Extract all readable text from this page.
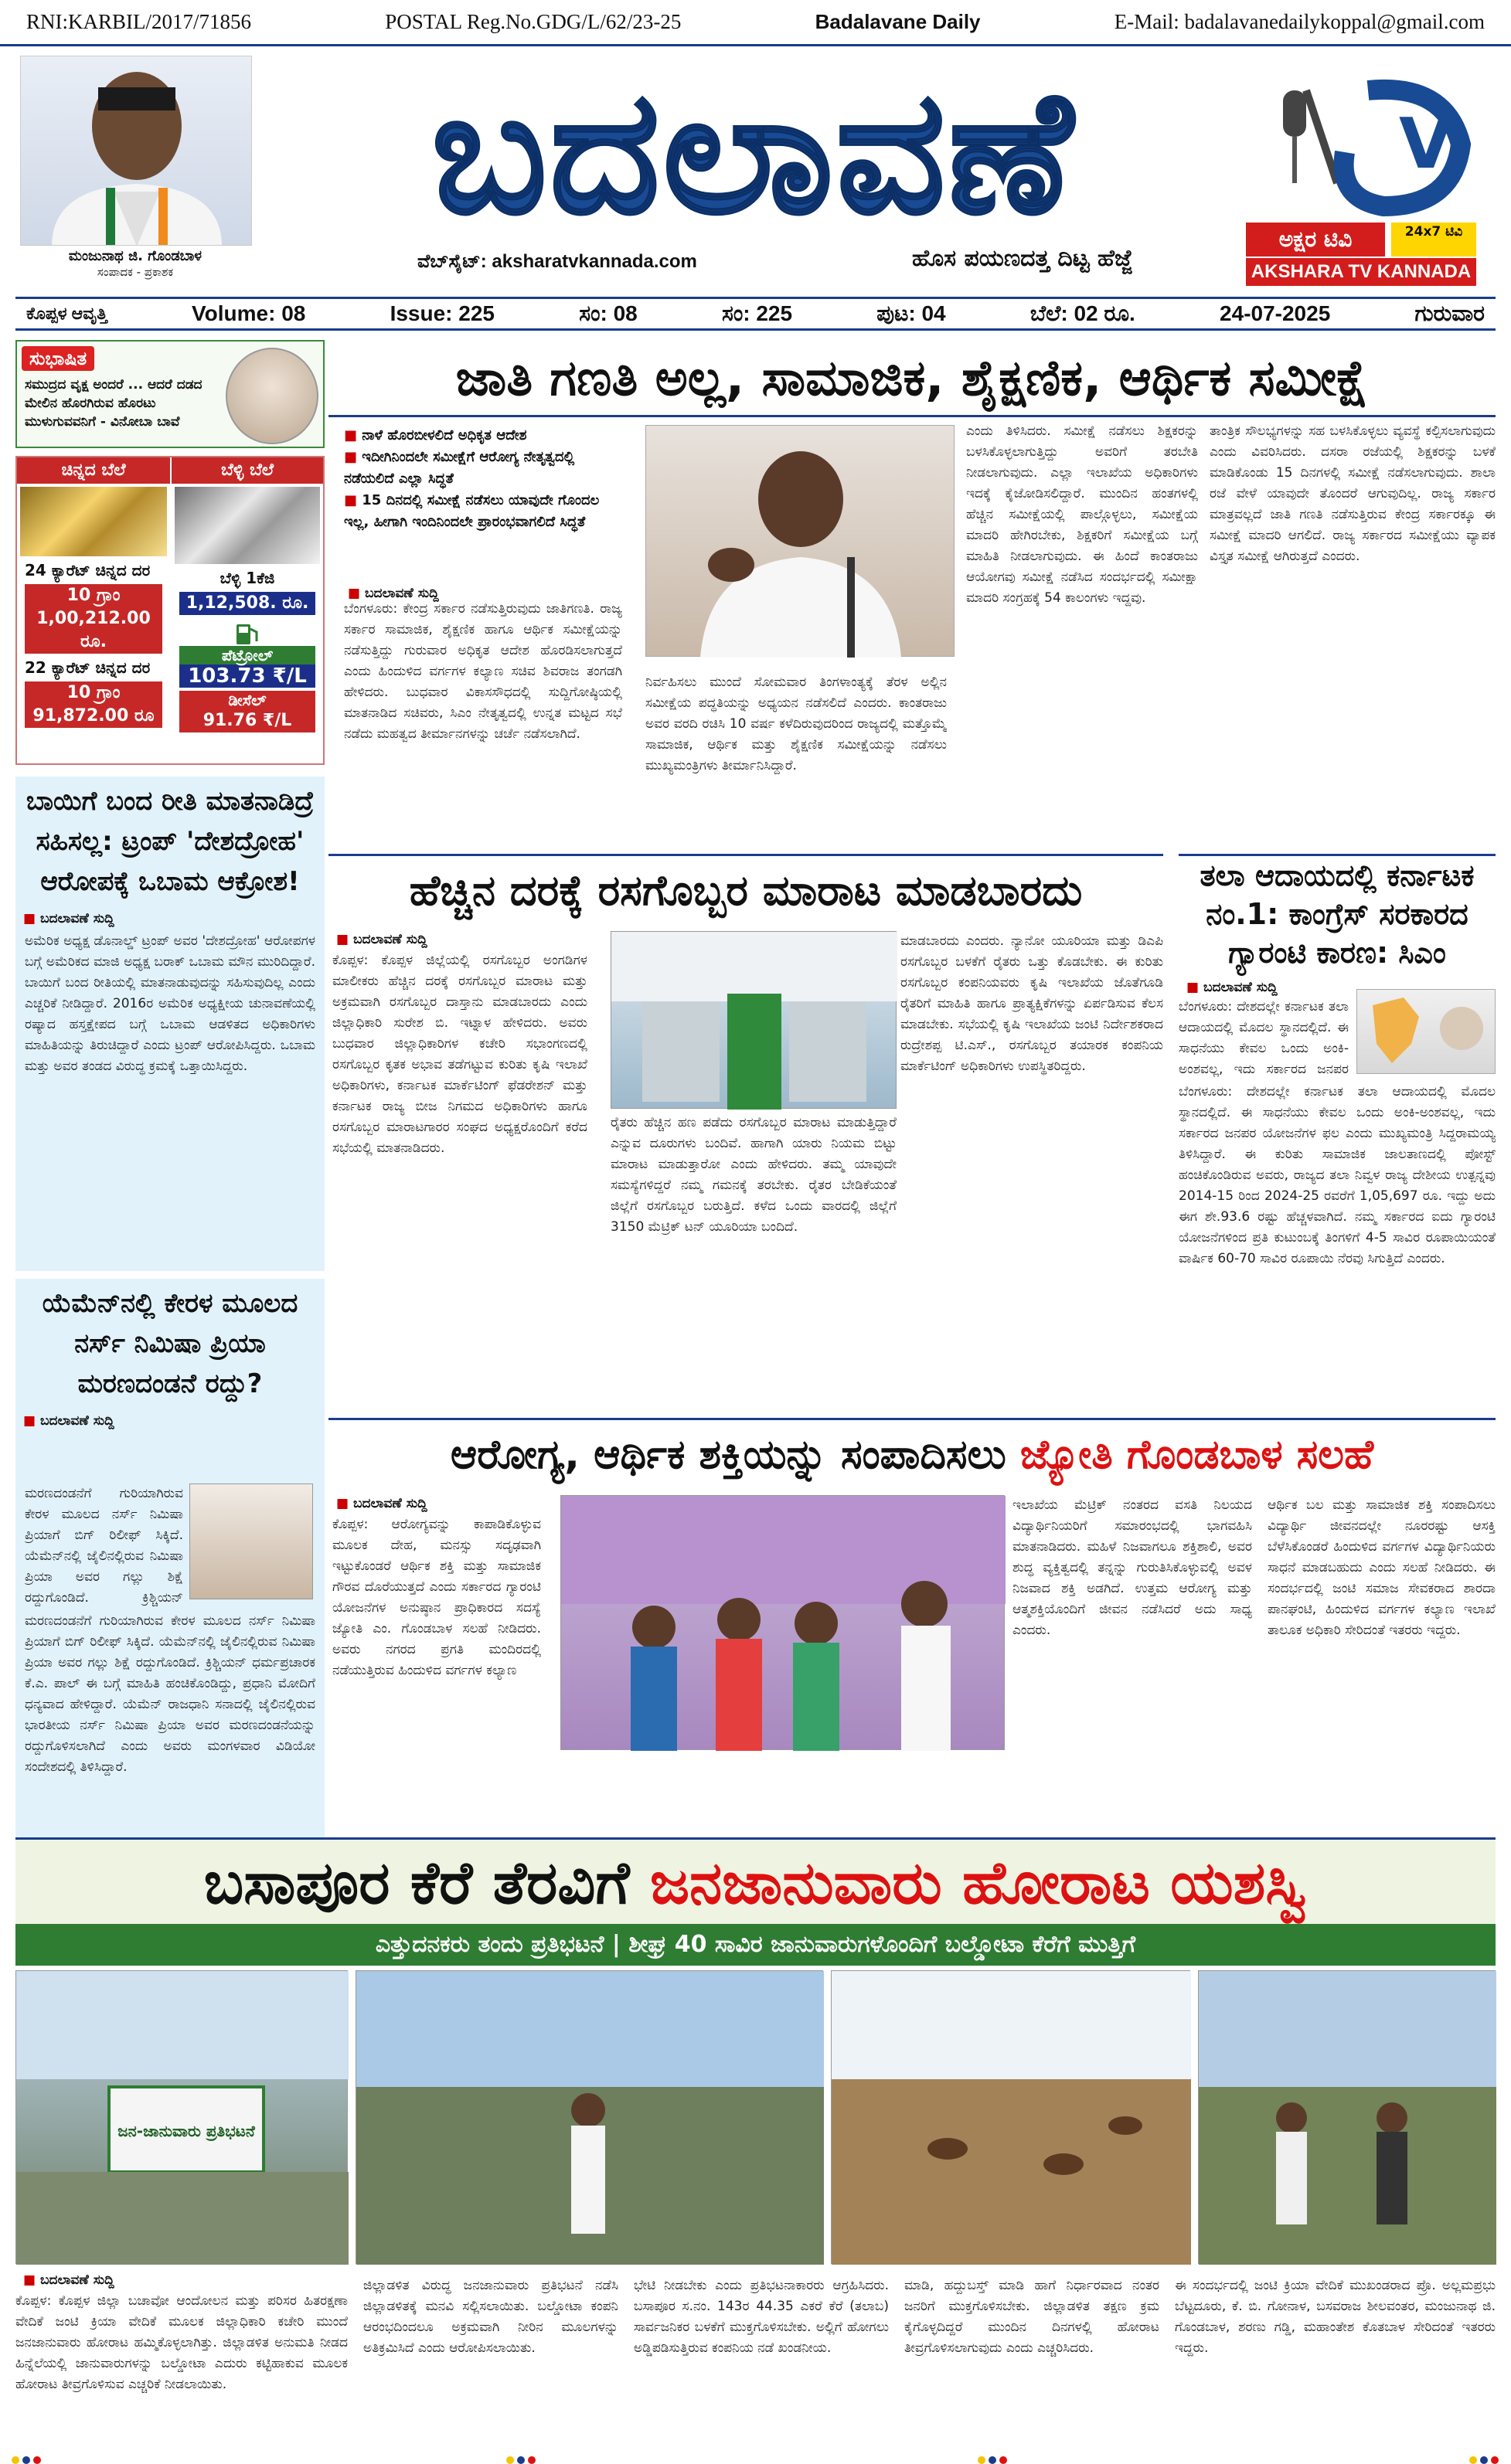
RNI:KARBIL/2017/71856	POSTAL Reg.No.GDG/L/62/23-25	Badalavane Daily	E-Mail: badalavanedailykoppal@gmail.com
ಮಂಜುನಾಥ ಜಿ. ಗೊಂಡಬಾಳ
ಸಂಪಾದಕ - ಪ್ರಕಾಶಕ
ಬದಲಾವಣೆ
ವೆಬ್‌ಸೈಟ್: aksharatvkannada.com	ಹೊಸ ಪಯಣದತ್ತ ದಿಟ್ಟ ಹೆಜ್ಜೆ
V
ಅಕ್ಷರ ಟಿವಿ	24x7 ಟಿವಿ
AKSHARA TV KANNADA
ಕೊಪ್ಪಳ ಆವೃತ್ತಿ	Volume: 08	Issue: 225	ಸಂ: 08	ಸಂ: 225	ಪುಟ: 04	ಬೆಲೆ: 02 ರೂ.	24-07-2025	ಗುರುವಾರ
ಸುಭಾಷಿತ
ಸಮುದ್ರದ ವೃಕ್ಷ ಅಂದರೆ ... ಆದರೆ ದಡದ ಮೇಲಿನ ಹೊರಗಿರುವ ಹೊರಟು ಮುಳುಗುವವನಿಗೆ - ವಿನೋಬಾ ಬಾವೆ
ಚಿನ್ನದ ಬೆಲೆ
24 ಕ್ಯಾರೆಟ್ ಚಿನ್ನದ ದರ
10 ಗ್ರಾಂ
1,00,212.00 ರೂ.
22 ಕ್ಯಾರೆಟ್ ಚಿನ್ನದ ದರ
10 ಗ್ರಾಂ
91,872.00 ರೂ
ಬೆಳ್ಳಿ ಬೆಲೆ
ಬೆಳ್ಳಿ 1ಕೆಜಿ
1,12,508. ರೂ.
ಪೆಟ್ರೋಲ್
103.73 ₹/L
ಡೀಸೆಲ್
91.76 ₹/L
ಬಾಯಿಗೆ ಬಂದ ರೀತಿ ಮಾತನಾಡಿದ್ರೆ ಸಹಿಸಲ್ಲ: ಟ್ರಂಪ್ 'ದೇಶದ್ರೋಹ' ಆರೋಪಕ್ಕೆ ಒಬಾಮ ಆಕ್ರೋಶ!
■ ಬದಲಾವಣೆ ಸುದ್ದಿ
ಅಮೆರಿಕ ಅಧ್ಯಕ್ಷ ಡೊನಾಲ್ಡ್ ಟ್ರಂಪ್ ಅವರ 'ದೇಶದ್ರೋಹ' ಆರೋಪಗಳ ಬಗ್ಗೆ ಅಮೆರಿಕದ ಮಾಜಿ ಅಧ್ಯಕ್ಷ ಬರಾಕ್ ಒಬಾಮ ಮೌನ ಮುರಿದಿದ್ದಾರೆ. ಬಾಯಿಗೆ ಬಂದ ರೀತಿಯಲ್ಲಿ ಮಾತನಾಡುವುದನ್ನು ಸಹಿಸುವುದಿಲ್ಲ ಎಂದು ಎಚ್ಚರಿಕೆ ನೀಡಿದ್ದಾರೆ. 2016ರ ಅಮೆರಿಕ ಅಧ್ಯಕ್ಷೀಯ ಚುನಾವಣೆಯಲ್ಲಿ ರಷ್ಯಾದ ಹಸ್ತಕ್ಷೇಪದ ಬಗ್ಗೆ ಒಬಾಮ ಆಡಳಿತದ ಅಧಿಕಾರಿಗಳು ಮಾಹಿತಿಯನ್ನು ತಿರುಚಿದ್ದಾರೆ ಎಂದು ಟ್ರಂಪ್ ಆರೋಪಿಸಿದ್ದರು. ಒಬಾಮ ಮತ್ತು ಅವರ ತಂಡದ ವಿರುದ್ಧ ಕ್ರಮಕ್ಕೆ ಒತ್ತಾಯಿಸಿದ್ದರು.
ಯೆಮೆನ್‌ನಲ್ಲಿ ಕೇರಳ ಮೂಲದ ನರ್ಸ್ ನಿಮಿಷಾ ಪ್ರಿಯಾ ಮರಣದಂಡನೆ ರದ್ದು?
■ ಬದಲಾವಣೆ ಸುದ್ದಿ
ಮರಣದಂಡನೆಗೆ ಗುರಿಯಾಗಿರುವ ಕೇರಳ ಮೂಲದ ನರ್ಸ್ ನಿಮಿಷಾ ಪ್ರಿಯಾಗೆ ಬಿಗ್ ರಿಲೀಫ್ ಸಿಕ್ಕಿದೆ. ಯೆಮೆನ್‌ನಲ್ಲಿ ಜೈಲಿನಲ್ಲಿರುವ ನಿಮಿಷಾ ಪ್ರಿಯಾ ಅವರ ಗಲ್ಲು ಶಿಕ್ಷೆ ರದ್ದುಗೊಂಡಿದೆ. ಕ್ರಿಶ್ಚಿಯನ್
ಮರಣದಂಡನೆಗೆ ಗುರಿಯಾಗಿರುವ ಕೇರಳ ಮೂಲದ ನರ್ಸ್ ನಿಮಿಷಾ ಪ್ರಿಯಾಗೆ ಬಿಗ್ ರಿಲೀಫ್ ಸಿಕ್ಕಿದೆ. ಯೆಮೆನ್‌ನಲ್ಲಿ ಜೈಲಿನಲ್ಲಿರುವ ನಿಮಿಷಾ ಪ್ರಿಯಾ ಅವರ ಗಲ್ಲು ಶಿಕ್ಷೆ ರದ್ದುಗೊಂಡಿದೆ. ಕ್ರಿಶ್ಚಿಯನ್ ಧರ್ಮಪ್ರಚಾರಕ ಕೆ.ಎ. ಪಾಲ್ ಈ ಬಗ್ಗೆ ಮಾಹಿತಿ ಹಂಚಿಕೊಂಡಿದ್ದು, ಪ್ರಧಾನಿ ಮೋದಿಗೆ ಧನ್ಯವಾದ ಹೇಳಿದ್ದಾರೆ. ಯೆಮೆನ್ ರಾಜಧಾನಿ ಸನಾದಲ್ಲಿ ಜೈಲಿನಲ್ಲಿರುವ ಭಾರತೀಯ ನರ್ಸ್ ನಿಮಿಷಾ ಪ್ರಿಯಾ ಅವರ ಮರಣದಂಡನೆಯನ್ನು ರದ್ದುಗೊಳಿಸಲಾಗಿದೆ ಎಂದು ಅವರು ಮಂಗಳವಾರ ವಿಡಿಯೋ ಸಂದೇಶದಲ್ಲಿ ತಿಳಿಸಿದ್ದಾರೆ.
ಜಾತಿ ಗಣತಿ ಅಲ್ಲ, ಸಾಮಾಜಿಕ, ಶೈಕ್ಷಣಿಕ, ಆರ್ಥಿಕ ಸಮೀಕ್ಷೆ
■ ನಾಳೆ ಹೊರಬೀಳಲಿದೆ ಅಧಿಕೃತ ಆದೇಶ
■ ಇದೀಗಿನಿಂದಲೇ ಸಮೀಕ್ಷೆಗೆ ಆರೋಗ್ಯ ನೇತೃತ್ವದಲ್ಲಿ ನಡೆಯಲಿದೆ ಎಲ್ಲಾ ಸಿದ್ಧತೆ
■ 15 ದಿನದಲ್ಲಿ ಸಮೀಕ್ಷೆ ನಡೆಸಲು ಯಾವುದೇ ಗೊಂದಲ ಇಲ್ಲ, ಹೀಗಾಗಿ ಇಂದಿನಿಂದಲೇ ಪ್ರಾರಂಭವಾಗಲಿದೆ ಸಿದ್ಧತೆ
■ ಬದಲಾವಣೆ ಸುದ್ದಿ
ಬೆಂಗಳೂರು: ಕೇಂದ್ರ ಸರ್ಕಾರ ನಡೆಸುತ್ತಿರುವುದು ಜಾತಿಗಣತಿ. ರಾಜ್ಯ ಸರ್ಕಾರ ಸಾಮಾಜಿಕ, ಶೈಕ್ಷಣಿಕ ಹಾಗೂ ಆರ್ಥಿಕ ಸಮೀಕ್ಷೆಯನ್ನು ನಡೆಸುತ್ತಿದ್ದು ಗುರುವಾರ ಅಧಿಕೃತ ಆದೇಶ ಹೊರಡಿಸಲಾಗುತ್ತದೆ ಎಂದು ಹಿಂದುಳಿದ ವರ್ಗಗಳ ಕಲ್ಯಾಣ ಸಚಿವ ಶಿವರಾಜ ತಂಗಡಗಿ ಹೇಳಿದರು. ಬುಧವಾರ ವಿಕಾಸಸೌಧದಲ್ಲಿ ಸುದ್ದಿಗೋಷ್ಠಿಯಲ್ಲಿ ಮಾತನಾಡಿದ ಸಚಿವರು, ಸಿಎಂ ನೇತೃತ್ವದಲ್ಲಿ ಉನ್ನತ ಮಟ್ಟದ ಸಭೆ ನಡೆದು ಮಹತ್ವದ ತೀರ್ಮಾನಗಳನ್ನು ಚರ್ಚೆ ನಡೆಸಲಾಗಿದೆ.
ನಿರ್ವಹಿಸಲು ಮುಂದೆ ಸೋಮವಾರ ತಿಂಗಳಾಂತ್ಯಕ್ಕೆ ತೆರಳ ಅಲ್ಲಿನ ಸಮೀಕ್ಷೆಯ ಪದ್ಧತಿಯನ್ನು ಅಧ್ಯಯನ ನಡೆಸಲಿದೆ ಎಂದರು. ಕಾಂತರಾಜು ಅವರ ವರದಿ ರಚಿಸಿ 10 ವರ್ಷ ಕಳೆದಿರುವುದರಿಂದ ರಾಜ್ಯದಲ್ಲಿ ಮತ್ತೊಮ್ಮೆ ಸಾಮಾಜಿಕ, ಆರ್ಥಿಕ ಮತ್ತು ಶೈಕ್ಷಣಿಕ ಸಮೀಕ್ಷೆಯನ್ನು ನಡೆಸಲು ಮುಖ್ಯಮಂತ್ರಿಗಳು ತೀರ್ಮಾನಿಸಿದ್ದಾರೆ.
ಎಂದು ತಿಳಿಸಿದರು. ಸಮೀಕ್ಷೆ ನಡೆಸಲು ಶಿಕ್ಷಕರನ್ನು ಬಳಸಿಕೊಳ್ಳಲಾಗುತ್ತಿದ್ದು ಅವರಿಗೆ ತರಬೇತಿ ನೀಡಲಾಗುವುದು. ಎಲ್ಲಾ ಇಲಾಖೆಯ ಅಧಿಕಾರಿಗಳು ಇದಕ್ಕೆ ಕೈಜೋಡಿಸಲಿದ್ದಾರೆ. ಮುಂದಿನ ಹಂತಗಳಲ್ಲಿ ಹೆಚ್ಚಿನ ಸಮೀಕ್ಷೆಯಲ್ಲಿ ಪಾಲ್ಗೊಳ್ಳಲು, ಸಮೀಕ್ಷೆಯ ಮಾದರಿ ಹೇಗಿರಬೇಕು, ಶಿಕ್ಷಕರಿಗೆ ಸಮೀಕ್ಷೆಯ ಬಗ್ಗೆ ಮಾಹಿತಿ ನೀಡಲಾಗುವುದು. ಈ ಹಿಂದೆ ಕಾಂತರಾಜು ಆಯೋಗವು ಸಮೀಕ್ಷೆ ನಡೆಸಿದ ಸಂದರ್ಭದಲ್ಲಿ ಸಮೀಕ್ಷಾ ಮಾದರಿ ಸಂಗ್ರಹಕ್ಕೆ 54 ಕಾಲಂಗಳು ಇದ್ದವು.
ತಾಂತ್ರಿಕ ಸೌಲಭ್ಯಗಳನ್ನು ಸಹ ಬಳಸಿಕೊಳ್ಳಲು ವ್ಯವಸ್ಥೆ ಕಲ್ಪಿಸಲಾಗುವುದು ಎಂದು ವಿವರಿಸಿದರು. ದಸರಾ ರಜೆಯಲ್ಲಿ ಶಿಕ್ಷಕರನ್ನು ಬಳಕೆ ಮಾಡಿಕೊಂಡು 15 ದಿನಗಳಲ್ಲಿ ಸಮೀಕ್ಷೆ ನಡೆಸಲಾಗುವುದು. ಶಾಲಾ ರಜೆ ವೇಳೆ ಯಾವುದೇ ತೊಂದರೆ ಆಗುವುದಿಲ್ಲ. ರಾಜ್ಯ ಸರ್ಕಾರ ಮಾತ್ರವಲ್ಲದೆ ಜಾತಿ ಗಣತಿ ನಡೆಸುತ್ತಿರುವ ಕೇಂದ್ರ ಸರ್ಕಾರಕ್ಕೂ ಈ ಸಮೀಕ್ಷೆ ಮಾದರಿ ಆಗಲಿದೆ. ರಾಜ್ಯ ಸರ್ಕಾರದ ಸಮೀಕ್ಷೆಯು ವ್ಯಾಪಕ ವಿಸ್ತೃತ ಸಮೀಕ್ಷೆ ಆಗಿರುತ್ತದೆ ಎಂದರು.
ಹೆಚ್ಚಿನ ದರಕ್ಕೆ ರಸಗೊಬ್ಬರ ಮಾರಾಟ ಮಾಡಬಾರದು
■ ಬದಲಾವಣೆ ಸುದ್ದಿ
ಕೊಪ್ಪಳ: ಕೊಪ್ಪಳ ಜಿಲ್ಲೆಯಲ್ಲಿ ರಸಗೊಬ್ಬರ ಅಂಗಡಿಗಳ ಮಾಲೀಕರು ಹೆಚ್ಚಿನ ದರಕ್ಕೆ ರಸಗೊಬ್ಬರ ಮಾರಾಟ ಮತ್ತು ಅಕ್ರಮವಾಗಿ ರಸಗೊಬ್ಬರ ದಾಸ್ತಾನು ಮಾಡಬಾರದು ಎಂದು ಜಿಲ್ಲಾಧಿಕಾರಿ ಸುರೇಶ ಬಿ. ಇಟ್ನಾಳ ಹೇಳಿದರು. ಅವರು ಬುಧವಾರ ಜಿಲ್ಲಾಧಿಕಾರಿಗಳ ಕಚೇರಿ ಸಭಾಂಗಣದಲ್ಲಿ ರಸಗೊಬ್ಬರ ಕೃತಕ ಅಭಾವ ತಡೆಗಟ್ಟುವ ಕುರಿತು ಕೃಷಿ ಇಲಾಖೆ ಅಧಿಕಾರಿಗಳು, ಕರ್ನಾಟಕ ಮಾರ್ಕೆಟಿಂಗ್ ಫೆಡರೇಶನ್ ಮತ್ತು ಕರ್ನಾಟಕ ರಾಜ್ಯ ಬೀಜ ನಿಗಮದ ಅಧಿಕಾರಿಗಳು ಹಾಗೂ ರಸಗೊಬ್ಬರ ಮಾರಾಟಗಾರರ ಸಂಘದ ಅಧ್ಯಕ್ಷರೊಂದಿಗೆ ಕರೆದ ಸಭೆಯಲ್ಲಿ ಮಾತನಾಡಿದರು.
ರೈತರು ಹೆಚ್ಚಿನ ಹಣ ಪಡೆದು ರಸಗೊಬ್ಬರ ಮಾರಾಟ ಮಾಡುತ್ತಿದ್ದಾರೆ ಎನ್ನುವ ದೂರುಗಳು ಬಂದಿವೆ. ಹಾಗಾಗಿ ಯಾರು ನಿಯಮ ಬಿಟ್ಟು ಮಾರಾಟ ಮಾಡುತ್ತಾರೋ ಎಂದು ಹೇಳಿದರು. ತಮ್ಮ ಯಾವುದೇ ಸಮಸ್ಯೆಗಳಿದ್ದರೆ ನಮ್ಮ ಗಮನಕ್ಕೆ ತರಬೇಕು. ರೈತರ ಬೇಡಿಕೆಯಂತೆ ಜಿಲ್ಲೆಗೆ ರಸಗೊಬ್ಬರ ಬರುತ್ತಿದೆ. ಕಳೆದ ಒಂದು ವಾರದಲ್ಲಿ ಜಿಲ್ಲೆಗೆ 3150 ಮೆಟ್ರಿಕ್ ಟನ್ ಯೂರಿಯಾ ಬಂದಿದೆ.
ಮಾಡಬಾರದು ಎಂದರು. ನ್ಯಾನೋ ಯೂರಿಯಾ ಮತ್ತು ಡಿಎಪಿ ರಸಗೊಬ್ಬರ ಬಳಕೆಗೆ ರೈತರು ಒತ್ತು ಕೊಡಬೇಕು. ಈ ಕುರಿತು ರಸಗೊಬ್ಬರ ಕಂಪನಿಯವರು ಕೃಷಿ ಇಲಾಖೆಯ ಜೊತೆಗೂಡಿ ರೈತರಿಗೆ ಮಾಹಿತಿ ಹಾಗೂ ಪ್ರಾತ್ಯಕ್ಷಿಕೆಗಳನ್ನು ಏರ್ಪಡಿಸುವ ಕೆಲಸ ಮಾಡಬೇಕು. ಸಭೆಯಲ್ಲಿ ಕೃಷಿ ಇಲಾಖೆಯ ಜಂಟಿ ನಿರ್ದೇಶಕರಾದ ರುದ್ರೇಶಪ್ಪ ಟಿ.ಎಸ್., ರಸಗೊಬ್ಬರ ತಯಾರಕ ಕಂಪನಿಯ ಮಾರ್ಕೆಟಿಂಗ್ ಅಧಿಕಾರಿಗಳು ಉಪಸ್ಥಿತರಿದ್ದರು.
ತಲಾ ಆದಾಯದಲ್ಲಿ ಕರ್ನಾಟಕ ನಂ.1: ಕಾಂಗ್ರೆಸ್ ಸರಕಾರದ ಗ್ಯಾರಂಟಿ ಕಾರಣ: ಸಿಎಂ
■ ಬದಲಾವಣೆ ಸುದ್ದಿ
ಬೆಂಗಳೂರು: ದೇಶದಲ್ಲೇ ಕರ್ನಾಟಕ ತಲಾ ಆದಾಯದಲ್ಲಿ ಮೊದಲ ಸ್ಥಾನದಲ್ಲಿದೆ. ಈ ಸಾಧನೆಯು ಕೇವಲ ಒಂದು ಅಂಕಿ-ಅಂಶವಲ್ಲ, ಇದು ಸರ್ಕಾರದ ಜನಪರ
ಬೆಂಗಳೂರು: ದೇಶದಲ್ಲೇ ಕರ್ನಾಟಕ ತಲಾ ಆದಾಯದಲ್ಲಿ ಮೊದಲ ಸ್ಥಾನದಲ್ಲಿದೆ. ಈ ಸಾಧನೆಯು ಕೇವಲ ಒಂದು ಅಂಕಿ-ಅಂಶವಲ್ಲ, ಇದು ಸರ್ಕಾರದ ಜನಪರ ಯೋಜನೆಗಳ ಫಲ ಎಂದು ಮುಖ್ಯಮಂತ್ರಿ ಸಿದ್ದರಾಮಯ್ಯ ತಿಳಿಸಿದ್ದಾರೆ. ಈ ಕುರಿತು ಸಾಮಾಜಿಕ ಜಾಲತಾಣದಲ್ಲಿ ಪೋಸ್ಟ್ ಹಂಚಿಕೊಂಡಿರುವ ಅವರು, ರಾಜ್ಯದ ತಲಾ ನಿವ್ವಳ ರಾಜ್ಯ ದೇಶೀಯ ಉತ್ಪನ್ನವು 2014-15 ರಿಂದ 2024-25 ರವರೆಗೆ 1,05,697 ರೂ. ಇದ್ದು ಅದು ಈಗ ಶೇ.93.6 ರಷ್ಟು ಹೆಚ್ಚಳವಾಗಿದೆ. ನಮ್ಮ ಸರ್ಕಾರದ ಐದು ಗ್ಯಾರಂಟಿ ಯೋಜನೆಗಳಿಂದ ಪ್ರತಿ ಕುಟುಂಬಕ್ಕೆ ತಿಂಗಳಿಗೆ 4-5 ಸಾವಿರ ರೂಪಾಯಿಯಂತೆ ವಾರ್ಷಿಕ 60-70 ಸಾವಿರ ರೂಪಾಯಿ ನೆರವು ಸಿಗುತ್ತಿದೆ ಎಂದರು.
ಆರೋಗ್ಯ, ಆರ್ಥಿಕ ಶಕ್ತಿಯನ್ನು ಸಂಪಾದಿಸಲು ಜ್ಯೋತಿ ಗೊಂಡಬಾಳ ಸಲಹೆ
■ ಬದಲಾವಣೆ ಸುದ್ದಿ
ಕೊಪ್ಪಳ: ಆರೋಗ್ಯವನ್ನು ಕಾಪಾಡಿಕೊಳ್ಳುವ ಮೂಲಕ ದೇಹ, ಮನಸ್ಸು ಸದೃಢವಾಗಿ ಇಟ್ಟುಕೊಂಡರೆ ಆರ್ಥಿಕ ಶಕ್ತಿ ಮತ್ತು ಸಾಮಾಜಿಕ ಗೌರವ ದೊರೆಯುತ್ತದೆ ಎಂದು ಸರ್ಕಾರದ ಗ್ಯಾರಂಟಿ ಯೋಜನೆಗಳ ಅನುಷ್ಠಾನ ಪ್ರಾಧಿಕಾರದ ಸದಸ್ಯೆ ಜ್ಯೋತಿ ಎಂ. ಗೊಂಡಬಾಳ ಸಲಹೆ ನೀಡಿದರು. ಅವರು ನಗರದ ಪ್ರಗತಿ ಮಂದಿರದಲ್ಲಿ ನಡೆಯುತ್ತಿರುವ ಹಿಂದುಳಿದ ವರ್ಗಗಳ ಕಲ್ಯಾಣ
ಇಲಾಖೆಯ ಮೆಟ್ರಿಕ್ ನಂತರದ ವಸತಿ ನಿಲಯದ ವಿದ್ಯಾರ್ಥಿನಿಯರಿಗೆ ಸಮಾರಂಭದಲ್ಲಿ ಭಾಗವಹಿಸಿ ಮಾತನಾಡಿದರು. ಮಹಿಳೆ ನಿಜವಾಗಲೂ ಶಕ್ತಿಶಾಲಿ, ಅವರ ಶುದ್ಧ ವ್ಯಕ್ತಿತ್ವದಲ್ಲಿ ತನ್ನನ್ನು ಗುರುತಿಸಿಕೊಳ್ಳುವಲ್ಲಿ ಅವಳ ನಿಜವಾದ ಶಕ್ತಿ ಅಡಗಿದೆ. ಉತ್ತಮ ಆರೋಗ್ಯ ಮತ್ತು ಆತ್ಮಶಕ್ತಿಯೊಂದಿಗೆ ಜೀವನ ನಡೆಸಿದರೆ ಅದು ಸಾಧ್ಯ ಎಂದರು.
ಆರ್ಥಿಕ ಬಲ ಮತ್ತು ಸಾಮಾಜಿಕ ಶಕ್ತಿ ಸಂಪಾದಿಸಲು ವಿದ್ಯಾರ್ಥಿ ಜೀವನದಲ್ಲೇ ನೂರರಷ್ಟು ಆಸಕ್ತಿ ಬೆಳೆಸಿಕೊಂಡರೆ ಹಿಂದುಳಿದ ವರ್ಗಗಳ ವಿದ್ಯಾರ್ಥಿನಿಯರು ಸಾಧನೆ ಮಾಡಬಹುದು ಎಂದು ಸಲಹೆ ನೀಡಿದರು. ಈ ಸಂದರ್ಭದಲ್ಲಿ ಜಂಟಿ ಸಮಾಜ ಸೇವಕರಾದ ಶಾರದಾ ಪಾನಘಂಟಿ, ಹಿಂದುಳಿದ ವರ್ಗಗಳ ಕಲ್ಯಾಣ ಇಲಾಖೆ ತಾಲೂಕ ಅಧಿಕಾರಿ ಸೇರಿದಂತೆ ಇತರರು ಇದ್ದರು.
ಬಸಾಪೂರ ಕೆರೆ ತೆರವಿಗೆ ಜನಜಾನುವಾರು ಹೋರಾಟ ಯಶಸ್ವಿ
ಎತ್ತುದನಕರು ತಂದು ಪ್ರತಿಭಟನೆ | ಶೀಘ್ರ 40 ಸಾವಿರ ಜಾನುವಾರುಗಳೊಂದಿಗೆ ಬಲ್ಡೋಟಾ ಕೆರೆಗೆ ಮುತ್ತಿಗೆ
ಜನ-ಜಾನುವಾರು ಪ್ರತಿಭಟನೆ
■ ಬದಲಾವಣೆ ಸುದ್ದಿ
ಕೊಪ್ಪಳ: ಕೊಪ್ಪಳ ಜಿಲ್ಲಾ ಬಚಾವೋ ಆಂದೋಲನ ಮತ್ತು ಪರಿಸರ ಹಿತರಕ್ಷಣಾ ವೇದಿಕೆ ಜಂಟಿ ಕ್ರಿಯಾ ವೇದಿಕೆ ಮೂಲಕ ಜಿಲ್ಲಾಧಿಕಾರಿ ಕಚೇರಿ ಮುಂದೆ ಜನಜಾನುವಾರು ಹೋರಾಟ ಹಮ್ಮಿಕೊಳ್ಳಲಾಗಿತ್ತು. ಜಿಲ್ಲಾಡಳಿತ ಅನುಮತಿ ನೀಡದ ಹಿನ್ನೆಲೆಯಲ್ಲಿ ಜಾನುವಾರುಗಳನ್ನು ಬಲ್ಡೋಟಾ ಎದುರು ಕಟ್ಟಿಹಾಕುವ ಮೂಲಕ ಹೋರಾಟ ತೀವ್ರಗೊಳಿಸುವ ಎಚ್ಚರಿಕೆ ನೀಡಲಾಯಿತು.
ಜಿಲ್ಲಾಡಳಿತ ವಿರುದ್ಧ ಜನಜಾನುವಾರು ಪ್ರತಿಭಟನೆ ನಡೆಸಿ ಜಿಲ್ಲಾಡಳಿತಕ್ಕೆ ಮನವಿ ಸಲ್ಲಿಸಲಾಯಿತು. ಬಲ್ಡೋಟಾ ಕಂಪನಿ ಆರಂಭದಿಂದಲೂ ಅಕ್ರಮವಾಗಿ ನೀರಿನ ಮೂಲಗಳನ್ನು ಅತಿಕ್ರಮಿಸಿದೆ ಎಂದು ಆರೋಪಿಸಲಾಯಿತು.
ಭೇಟಿ ನೀಡಬೇಕು ಎಂದು ಪ್ರತಿಭಟನಾಕಾರರು ಆಗ್ರಹಿಸಿದರು. ಬಸಾಪೂರ ಸ.ನಂ. 143ರ 44.35 ಎಕರೆ ಕೆರೆ (ತಲಾಬ) ಸಾರ್ವಜನಿಕರ ಬಳಕೆಗೆ ಮುಕ್ತಗೊಳಿಸಬೇಕು. ಅಲ್ಲಿಗೆ ಹೋಗಲು ಅಡ್ಡಿಪಡಿಸುತ್ತಿರುವ ಕಂಪನಿಯ ನಡೆ ಖಂಡನೀಯ.
ಮಾಡಿ, ಹದ್ದುಬಸ್ತ್ ಮಾಡಿ ಹಾಗೆ ನಿರ್ಧಾರವಾದ ನಂತರ ಜನರಿಗೆ ಮುಕ್ತಗೊಳಿಸಬೇಕು. ಜಿಲ್ಲಾಡಳಿತ ತಕ್ಷಣ ಕ್ರಮ ಕೈಗೊಳ್ಳದಿದ್ದರೆ ಮುಂದಿನ ದಿನಗಳಲ್ಲಿ ಹೋರಾಟ ತೀವ್ರಗೊಳಿಸಲಾಗುವುದು ಎಂದು ಎಚ್ಚರಿಸಿದರು.
ಈ ಸಂದರ್ಭದಲ್ಲಿ ಜಂಟಿ ಕ್ರಿಯಾ ವೇದಿಕೆ ಮುಖಂಡರಾದ ಪ್ರೊ. ಅಲ್ಲಮಪ್ರಭು ಬೆಟ್ಟದೂರು, ಕೆ. ಬಿ. ಗೋನಾಳ, ಬಸವರಾಜ ಶೀಲವಂತರ, ಮಂಜುನಾಥ ಜಿ. ಗೊಂಡಬಾಳ, ಶರಣು ಗಡ್ಡಿ, ಮಹಾಂತೇಶ ಕೊತಬಾಳ ಸೇರಿದಂತೆ ಇತರರು ಇದ್ದರು.
